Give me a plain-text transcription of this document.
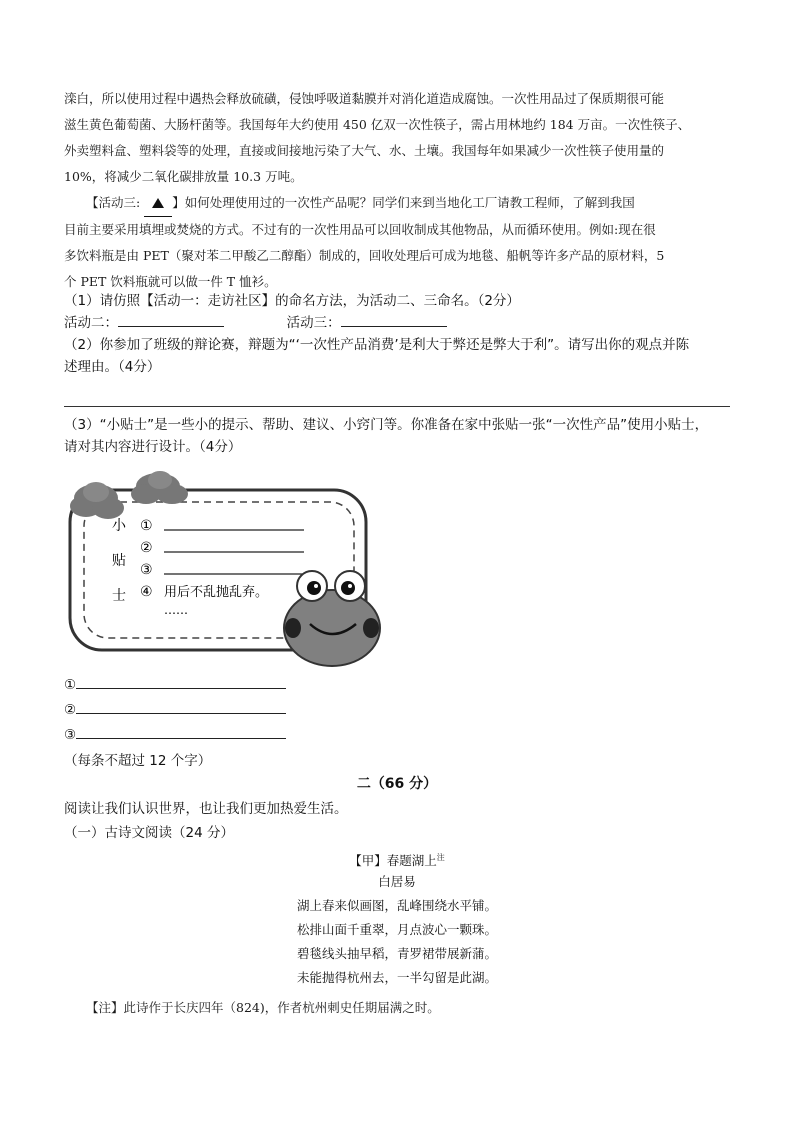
滦白，所以使用过程中遇热会释放硫磺，侵蚀呼吸道黏膜并对消化道造成腐蚀。一次性用品过了保质期很可能

滋生黄色葡萄菌、大肠杆菌等。我国每年大约使用 450 亿双一次性筷子，需占用林地约 184 万亩。一次性筷子、

外卖塑料盒、塑料袋等的处理，直接或间接地污染了大气、水、土壤。我国每年如果减少一次性筷子使用量的

10%，将减少二氧化碳排放量 10.3 万吨。

【活动三:	】如何处理使用过的一次性产品呢？同学们来到当地化工厂请教工程师，了解到我国

目前主要采用填埋或焚烧的方式。不过有的一次性用品可以回收制成其他物品，从而循环使用。例如:现在很

多饮料瓶是由 PET（聚对苯二甲酸乙二醇酯）制成的，回收处理后可成为地毯、船帆等许多产品的原材料，5

个 PET 饮料瓶就可以做一件 T 恤衫。

（1）请仿照【活动一：走访社区】的命名方法，为活动二、三命名。（2分）

活动二：	活动三：

（2）你参加了班级的辩论赛，辩题为“‘一次性产品消费’是利大于弊还是弊大于利”。请写出你的观点并陈

述理由。（4分）

（3）“小贴士”是一些小的提示、帮助、建议、小窍门等。你准备在家中张贴一张“一次性产品”使用小贴士，

请对其内容进行设计。（4分）

小
贴
士
①
②
③
④ 用后不乱抛乱弃。
……
①
②
③
（每条不超过 12 个字）
二（66 分）

阅读让我们认识世界，也让我们更加热爱生活。

（一）古诗文阅读（24 分）

【甲】春题湖上$^注$

白居易

湖上春来似画图，乱峰围绕水平铺。

松排山面千重翠，月点波心一颗珠。

碧毯线头抽早稻，青罗裙带展新蒲。

未能抛得杭州去，一半勾留是此湖。

【注】此诗作于长庆四年（824)，作者杭州刺史任期届满之时。
